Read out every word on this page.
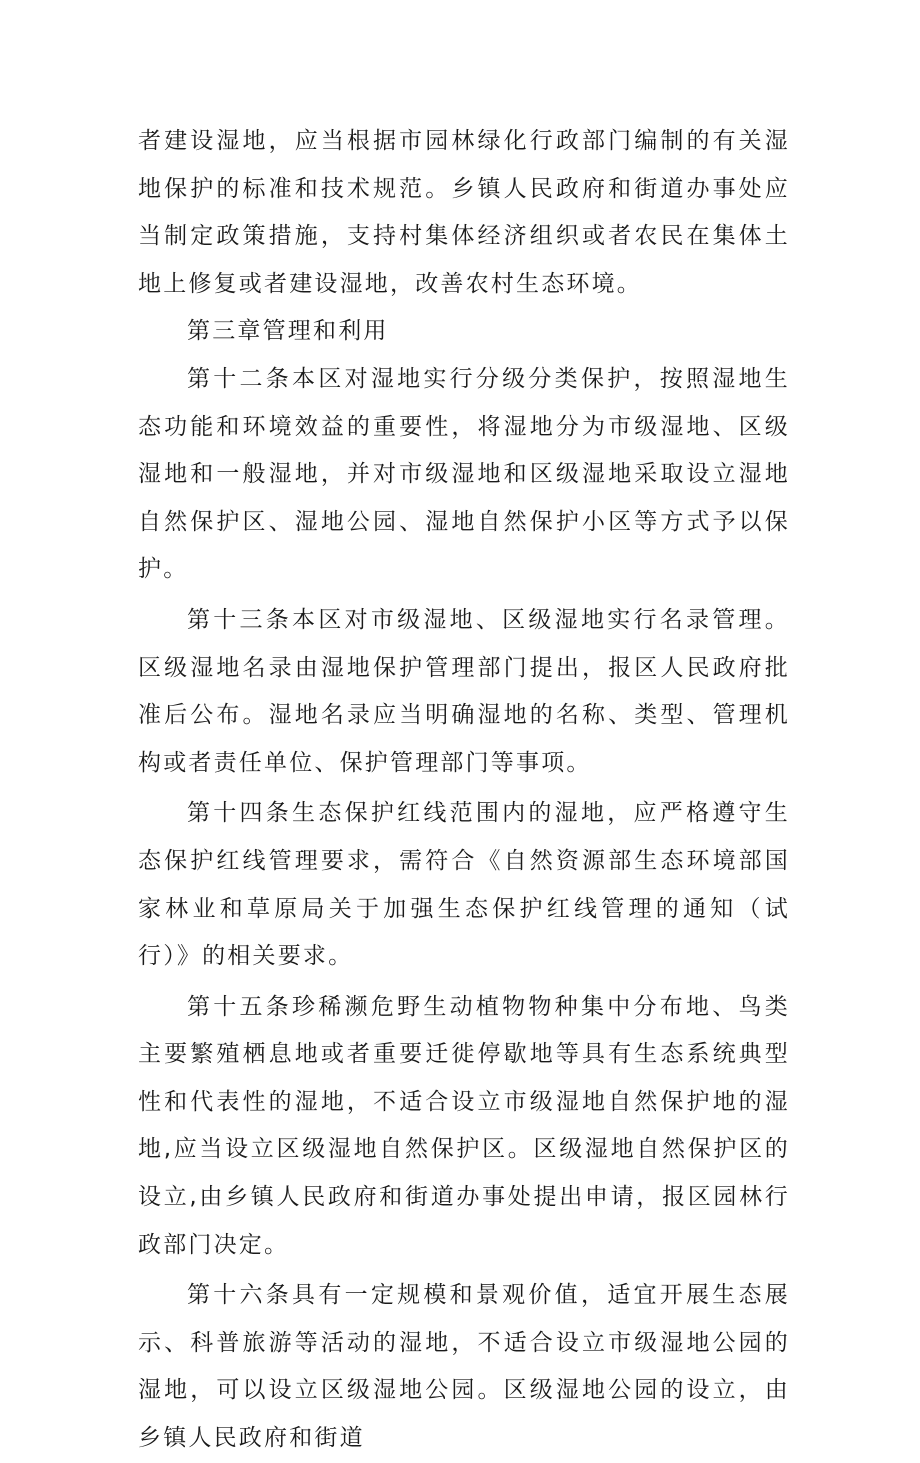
者建设湿地，应当根据市园林绿化行政部门编制的有关湿地保护的标准和技术规范。乡镇人民政府和街道办事处应当制定政策措施，支持村集体经济组织或者农民在集体土地上修复或者建设湿地，改善农村生态环境。

第三章管理和利用

第十二条本区对湿地实行分级分类保护，按照湿地生态功能和环境效益的重要性，将湿地分为市级湿地、区级湿地和一般湿地，并对市级湿地和区级湿地采取设立湿地自然保护区、湿地公园、湿地自然保护小区等方式予以保护。

第十三条本区对市级湿地、区级湿地实行名录管理。区级湿地名录由湿地保护管理部门提出，报区人民政府批准后公布。湿地名录应当明确湿地的名称、类型、管理机构或者责任单位、保护管理部门等事项。

第十四条生态保护红线范围内的湿地，应严格遵守生态保护红线管理要求，需符合《自然资源部生态环境部国家林业和草原局关于加强生态保护红线管理的通知（试行）》的相关要求。

第十五条珍稀濒危野生动植物物种集中分布地、鸟类主要繁殖栖息地或者重要迁徙停歇地等具有生态系统典型性和代表性的湿地，不适合设立市级湿地自然保护地的湿地,应当设立区级湿地自然保护区。区级湿地自然保护区的设立,由乡镇人民政府和街道办事处提出申请，报区园林行政部门决定。

第十六条具有一定规模和景观价值，适宜开展生态展示、科普旅游等活动的湿地，不适合设立市级湿地公园的湿地，可以设立区级湿地公园。区级湿地公园的设立，由乡镇人民政府和街道
